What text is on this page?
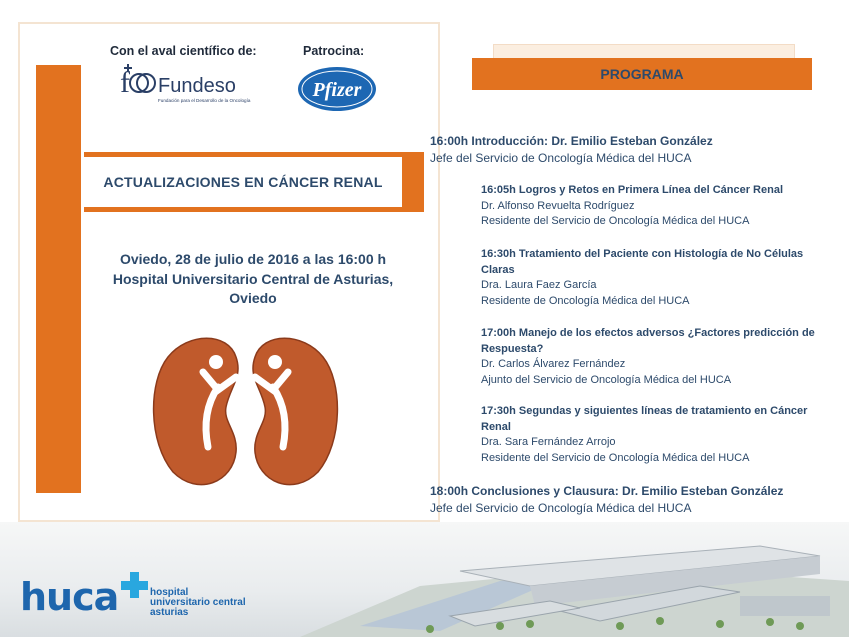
Con el aval científico de:	Patrocina:
f Fundeso
Fundación para el Desarrollo de la Oncología	Pfizer
ACTUALIZACIONES EN CÁNCER RENAL
Oviedo, 28 de julio de 2016 a las 16:00 h
Hospital Universitario Central de Asturias,
Oviedo
PROGRAMA
16:00h Introducción: Dr. Emilio Esteban González
Jefe del Servicio de Oncología Médica del HUCA
16:05h Logros y Retos en Primera Línea del Cáncer Renal
Dr. Alfonso Revuelta Rodríguez
Residente del Servicio de Oncología Médica del HUCA
16:30h Tratamiento del Paciente con Histología de No Células
Claras
Dra. Laura Faez García
Residente de Oncología Médica del HUCA
17:00h Manejo de los efectos adversos ¿Factores predicción de
Respuesta?
Dr. Carlos Álvarez Fernández
Ajunto del Servicio de Oncología Médica del HUCA
17:30h Segundas y siguientes líneas de tratamiento en Cáncer
Renal
Dra. Sara Fernández Arrojo
Residente del Servicio de Oncología Médica del HUCA
18:00h Conclusiones y Clausura: Dr. Emilio Esteban González
Jefe del Servicio de Oncología Médica del HUCA
huca	hospital
universitario central
asturias
